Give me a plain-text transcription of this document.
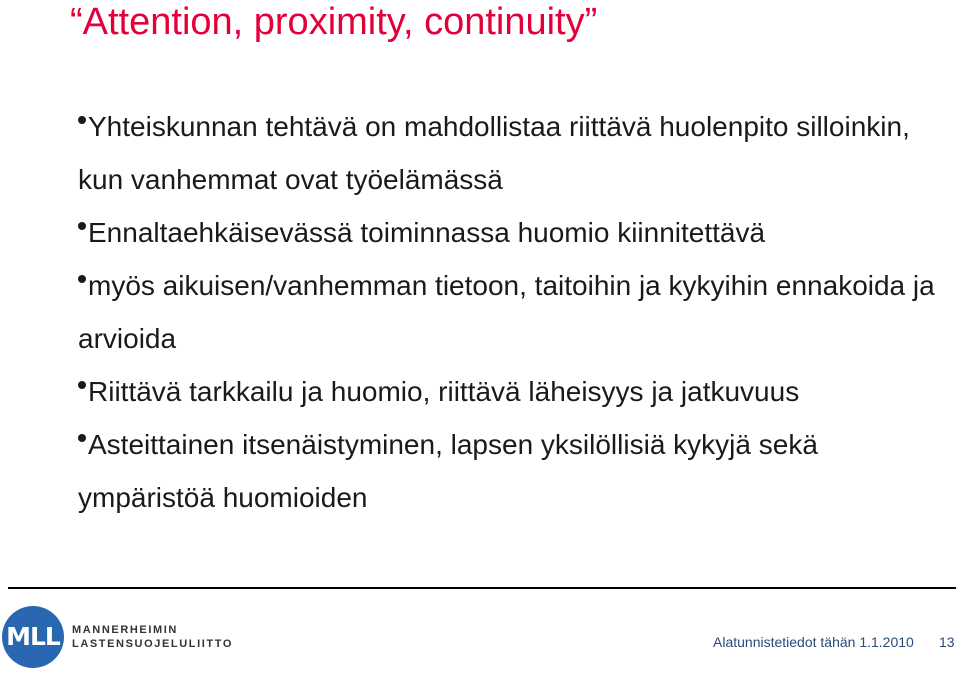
“Attention, proximity, continuity”
Yhteiskunnan tehtävä on mahdollistaa riittävä huolenpito silloinkin, kun vanhemmat ovat työelämässä
Ennaltaehkäisevässä toiminnassa huomio kiinnitettävä
myös aikuisen/vanhemman tietoon, taitoihin ja kykyihin ennakoida ja arvioida
Riittävä tarkkailu ja huomio, riittävä läheisyys ja jatkuvuus
Asteittainen itsenäistyminen, lapsen yksilöllisiä kykyjä sekä ympäristöä huomioiden
MLL	MANNERHEIMIN
LASTENSUOJELULIITTO	Alatunnistetiedot tähän 1.1.2010 13
